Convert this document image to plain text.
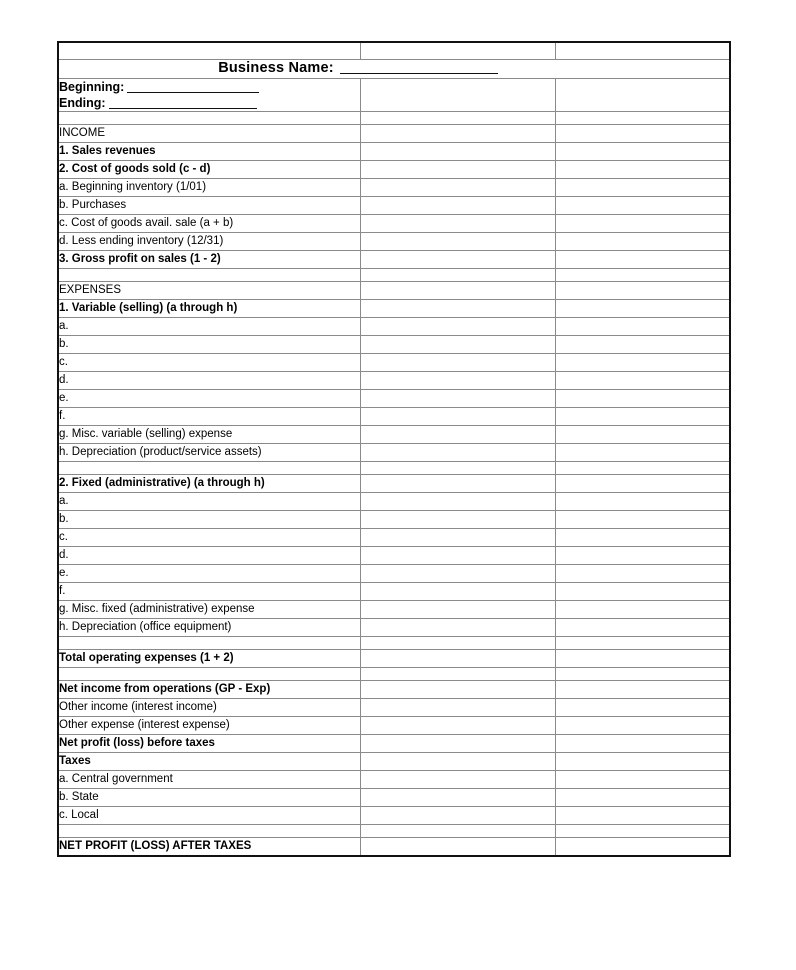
Business Name:		

Beginning:
Ending:		

INCOME		
1. Sales revenues		
2. Cost of goods sold (c - d)		
a. Beginning inventory (1/01)		
b. Purchases		
c. Cost of goods avail. sale (a + b)		
d. Less ending inventory (12/31)		
3. Gross profit on sales (1 - 2)		

EXPENSES		
1. Variable (selling) (a through h)		
a.		
b.		
c.		
d.		
e.		
f.		
g. Misc. variable (selling) expense		
h. Depreciation (product/service assets)		

2. Fixed (administrative) (a through h)		
a.		
b.		
c.		
d.		
e.		
f.		
g. Misc. fixed (administrative) expense		
h. Depreciation (office equipment)		

Total operating expenses (1 + 2)		

Net income from operations (GP - Exp)		
Other income (interest income)		
Other expense (interest expense)		
Net profit (loss) before taxes		
Taxes		
a. Central government		
b. State		
c. Local		

NET PROFIT (LOSS) AFTER TAXES		
